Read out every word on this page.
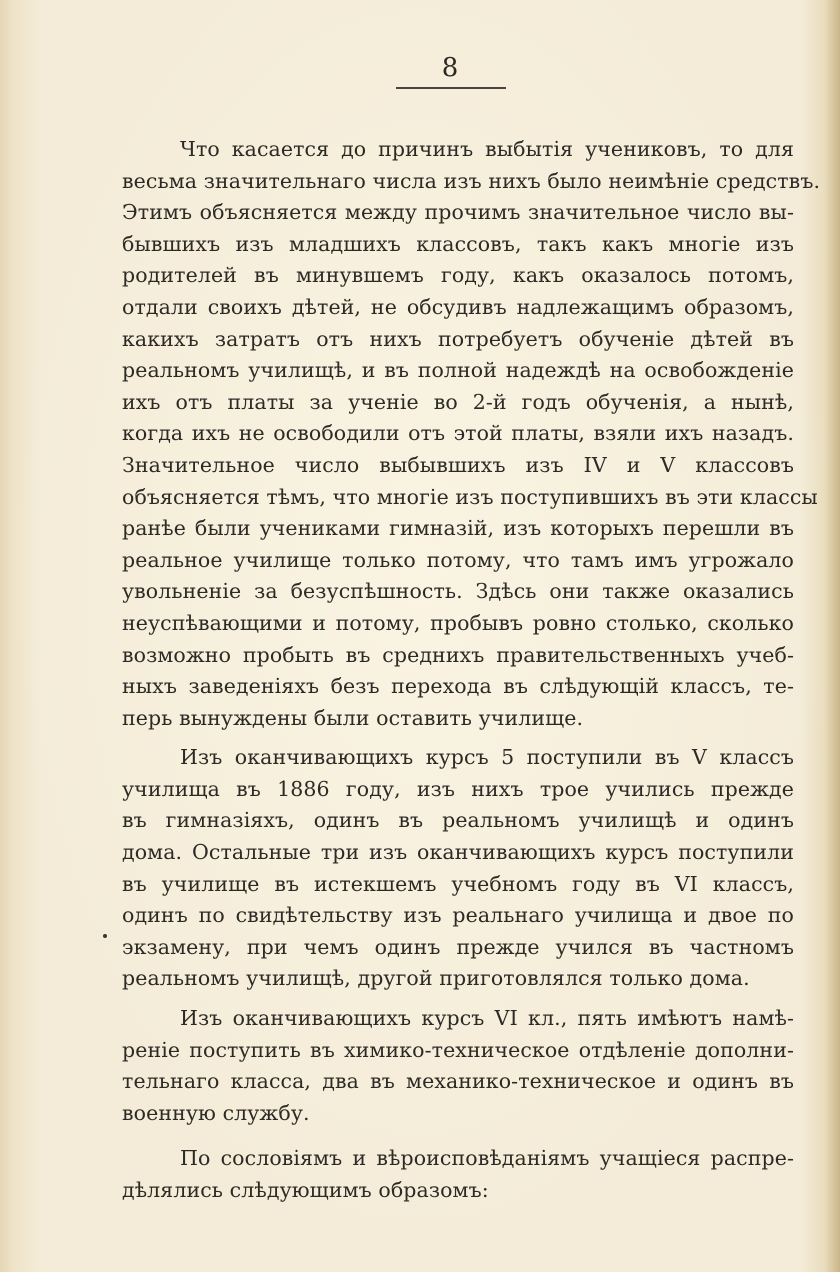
8
Что касается до причинъ выбытія учениковъ, то для
весьма значительнаго числа изъ нихъ было неимѣніе средствъ.
Этимъ объясняется между прочимъ значительное число вы-
бывшихъ изъ младшихъ классовъ, такъ какъ многіе изъ
родителей въ минувшемъ году, какъ оказалось потомъ,
отдали своихъ дѣтей, не обсудивъ надлежащимъ образомъ,
какихъ затратъ отъ нихъ потребуетъ обученіе дѣтей въ
реальномъ училищѣ, и въ полной надеждѣ на освобожденіе
ихъ отъ платы за ученіе во 2-й годъ обученія, а нынѣ,
когда ихъ не освободили отъ этой платы, взяли ихъ назадъ.
Значительное число выбывшихъ изъ IV и V классовъ
объясняется тѣмъ, что многіе изъ поступившихъ въ эти классы
ранѣе были учениками гимназій, изъ которыхъ перешли въ
реальное училище только потому, что тамъ имъ угрожало
увольненіе за безуспѣшность. Здѣсь они также оказались
неуспѣвающими и потому, пробывъ ровно столько, сколько
возможно пробыть въ среднихъ правительственныхъ учеб-
ныхъ заведеніяхъ безъ перехода въ слѣдующій классъ, те-
перь вынуждены были оставить училище.
Изъ оканчивающихъ курсъ 5 поступили въ V классъ
училища въ 1886 году, изъ нихъ трое учились прежде
въ гимназіяхъ, одинъ въ реальномъ училищѣ и одинъ
дома. Остальные три изъ оканчивающихъ курсъ поступили
въ училище въ истекшемъ учебномъ году въ VI классъ,
одинъ по свидѣтельству изъ реальнаго училища и двое по
экзамену, при чемъ одинъ прежде учился въ частномъ
реальномъ училищѣ, другой приготовлялся только дома.
Изъ оканчивающихъ курсъ VI кл., пять имѣютъ намѣ-
реніе поступить въ химико-техническое отдѣленіе дополни-
тельнаго класса, два въ механико-техническое и одинъ въ
военную службу.
По сословіямъ и вѣроисповѣданіямъ учащіеся распре-
дѣлялись слѣдующимъ образомъ:
